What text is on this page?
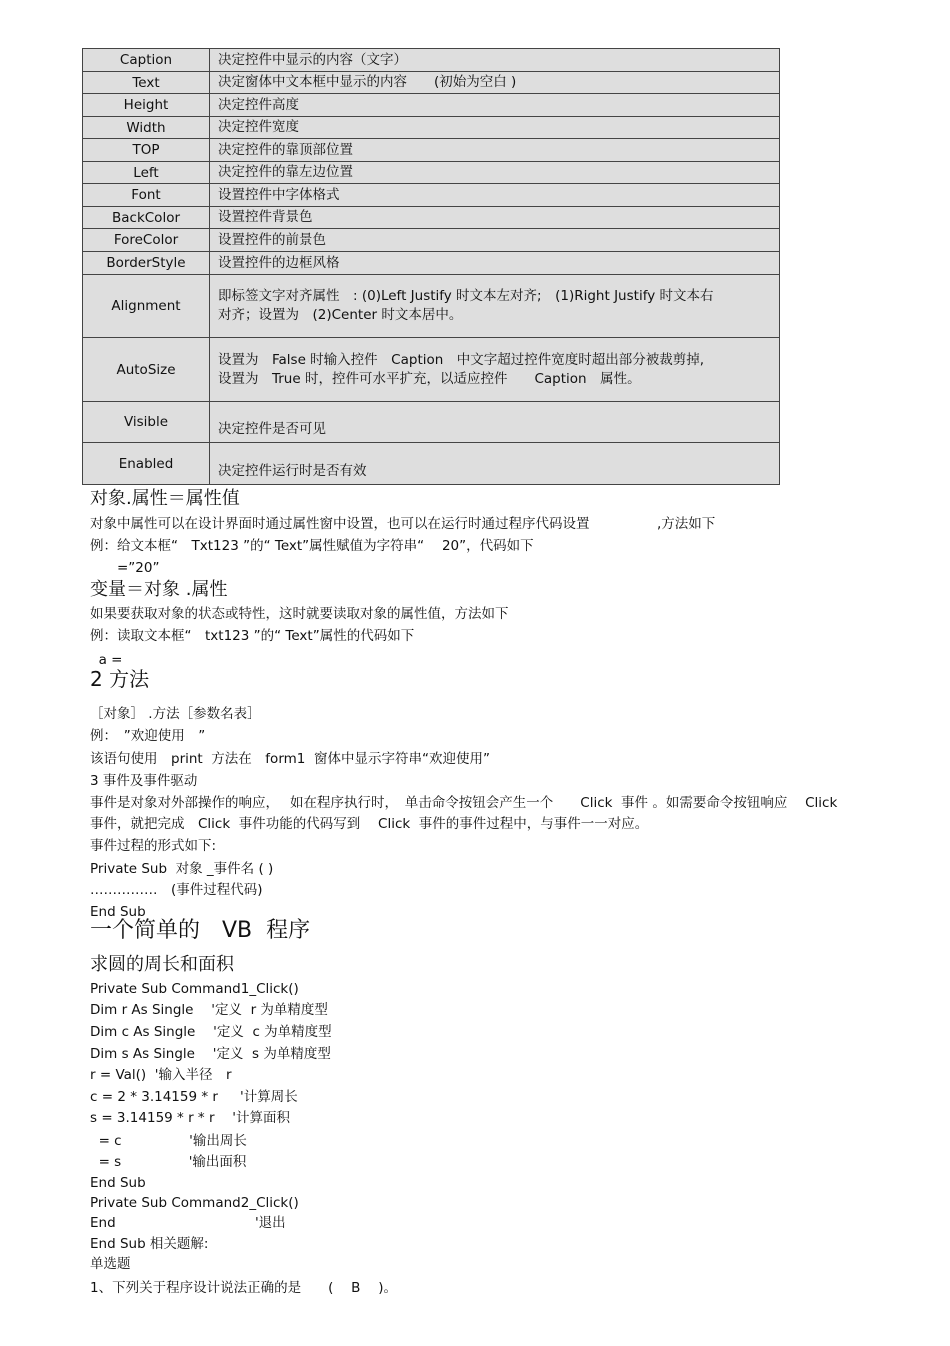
Caption	决定控件中显示的内容（文字）
Text	决定窗体中文本框中显示的内容　　(初始为空白 )
Height	决定控件高度
Width	决定控件宽度
TOP	决定控件的靠顶部位置
Left	决定控件的靠左边位置
Font	设置控件中字体格式
BackColor	设置控件背景色
ForeColor	设置控件的前景色
BorderStyle	设置控件的边框风格
Alignment	即标签文字对齐属性　: (0)Left Justify 时文本左对齐;　(1)Right Justify 时文本右
对齐；设置为　(2)Center 时文本居中。

AutoSize	设置为　False 时输入控件　Caption　中文字超过控件宽度时超出部分被裁剪掉,
设置为　True 时，控件可水平扩充，以适应控件　　Caption　属性。

Visible	决定控件是否可见
Enabled	决定控件运行时是否有效
对象.属性＝属性值
对象中属性可以在设计界面时通过属性窗中设置，也可以在运行时通过程序代码设置　　　　　,方法如下
例：给文本框“　Txt123 ”的“ Text”属性赋值为字符串“　 20”，代码如下
　　=”20”
变量＝对象 .属性
如果要获取对象的状态或特性，这时就要读取对象的属性值，方法如下
例：读取文本框“　txt123 ”的“ Text”属性的代码如下
a =
2 方法
［对象］ .方法［参数名表］
例：　”欢迎使用　”
该语句使用　print  方法在　form1  窗体中显示字符串“欢迎使用”
3 事件及事件驱动
事件是对象对外部操作的响应，　 如在程序执行时，　单击命令按钮会产生一个　　Click  事件 。如需要命令按钮响应　 Click
事件，就把完成　Click  事件功能的代码写到　 Click  事件的事件过程中，与事件一一对应。
事件过程的形式如下:
Private Sub  对象 _事件名 ( )
……………　(事件过程代码)
End Sub
一个简单的　VB  程序
求圆的周长和面积
Private Sub Command1_Click()
Dim r As Single　 '定义  r 为单精度型
Dim c As Single　 '定义  c 为单精度型
Dim s As Single　 '定义  s 为单精度型
r = Val()  '输入半径　r
c = 2 * 3.14159 * r　  '计算周长
s = 3.14159 * r * r　 '计算面积
= c　　　　　'输出周长
= s　　　　　'输出面积
End Sub
Private Sub Command2_Click()
End　　　　　　　　　　 '退出
End Sub 相关题解:
单选题
1、下列关于程序设计说法正确的是　　(　 B　 )。
